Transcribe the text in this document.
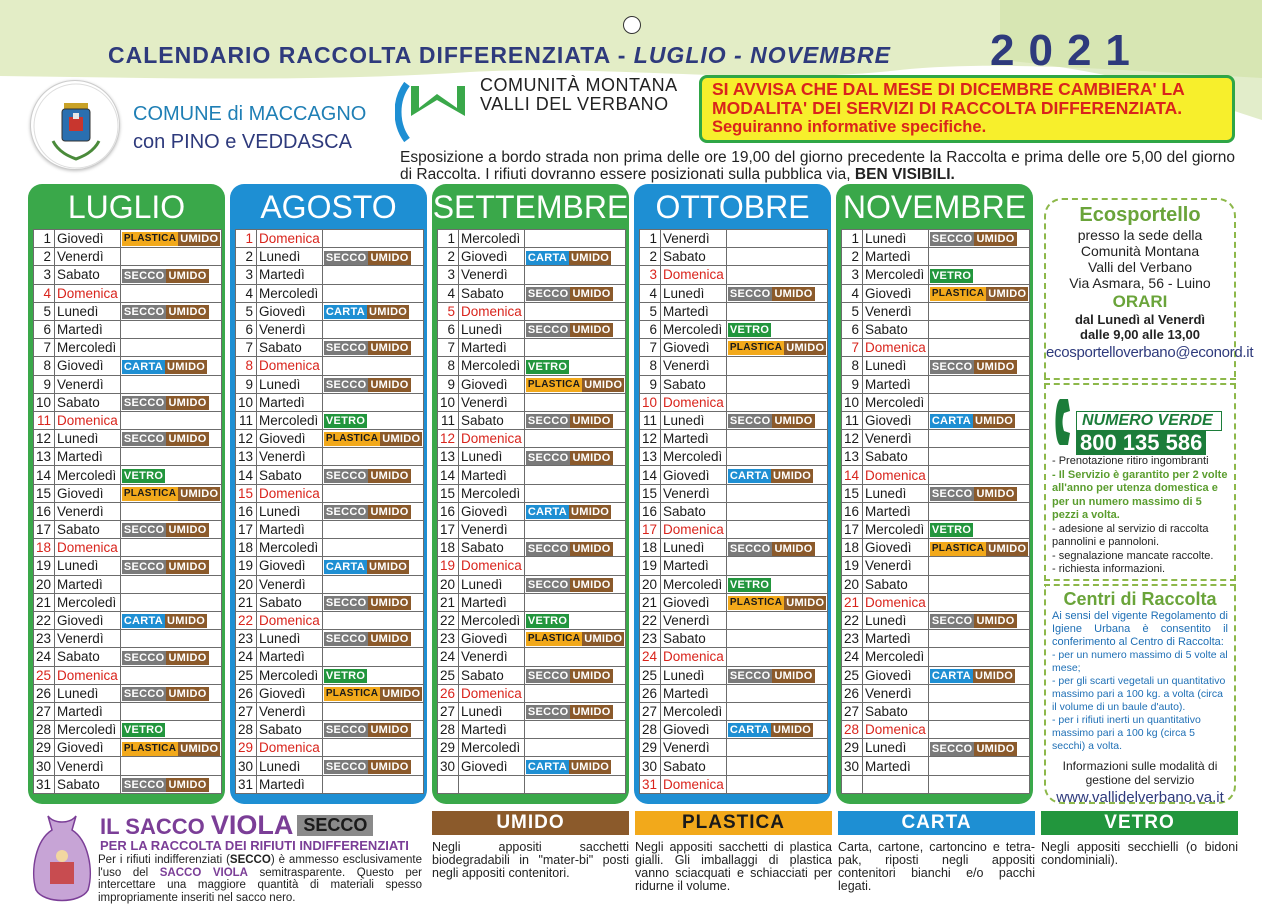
CALENDARIO RACCOLTA DIFFERENZIATA - LUGLIO - NOVEMBRE 2021
COMUNE di MACCAGNO
con PINO e VEDDASCA
COMUNITÀ MONTANA
VALLI DEL VERBANO
SI AVVISA CHE DAL MESE DI DICEMBRE CAMBIERA' LA
MODALITA' DEI SERVIZI DI RACCOLTA DIFFERENZIATA.
Seguiranno informative specifiche.
Esposizione a bordo strada non prima delle ore 19,00 del giorno precedente la Raccolta e prima delle ore 5,00 del giorno di Raccolta. I rifiuti dovranno essere posizionati sulla pubblica via, BEN VISIBILI.
LUGLIO
1	Giovedì	PLASTICA UMIDO
2	Venerdì	
3	Sabato	SECCO UMIDO
4	Domenica	
5	Lunedì	SECCO UMIDO
6	Martedì	
7	Mercoledì	
8	Giovedì	CARTA UMIDO
9	Venerdì	
10	Sabato	SECCO UMIDO
11	Domenica	
12	Lunedì	SECCO UMIDO
13	Martedì	
14	Mercoledì	VETRO
15	Giovedì	PLASTICA UMIDO
16	Venerdì	
17	Sabato	SECCO UMIDO
18	Domenica	
19	Lunedì	SECCO UMIDO
20	Martedì	
21	Mercoledì	
22	Giovedì	CARTA UMIDO
23	Venerdì	
24	Sabato	SECCO UMIDO
25	Domenica	
26	Lunedì	SECCO UMIDO
27	Martedì	
28	Mercoledì	VETRO
29	Giovedì	PLASTICA UMIDO
30	Venerdì	
31	Sabato	SECCO UMIDO
AGOSTO
1	Domenica	
2	Lunedì	SECCO UMIDO
3	Martedì	
4	Mercoledì	
5	Giovedì	CARTA UMIDO
6	Venerdì	
7	Sabato	SECCO UMIDO
8	Domenica	
9	Lunedì	SECCO UMIDO
10	Martedì	
11	Mercoledì	VETRO
12	Giovedì	PLASTICA UMIDO
13	Venerdì	
14	Sabato	SECCO UMIDO
15	Domenica	
16	Lunedì	SECCO UMIDO
17	Martedì	
18	Mercoledì	
19	Giovedì	CARTA UMIDO
20	Venerdì	
21	Sabato	SECCO UMIDO
22	Domenica	
23	Lunedì	SECCO UMIDO
24	Martedì	
25	Mercoledì	VETRO
26	Giovedì	PLASTICA UMIDO
27	Venerdì	
28	Sabato	SECCO UMIDO
29	Domenica	
30	Lunedì	SECCO UMIDO
31	Martedì	
SETTEMBRE
1	Mercoledì	
2	Giovedì	CARTA UMIDO
3	Venerdì	
4	Sabato	SECCO UMIDO
5	Domenica	
6	Lunedì	SECCO UMIDO
7	Martedì	
8	Mercoledì	VETRO
9	Giovedì	PLASTICA UMIDO
10	Venerdì	
11	Sabato	SECCO UMIDO
12	Domenica	
13	Lunedì	SECCO UMIDO
14	Martedì	
15	Mercoledì	
16	Giovedì	CARTA UMIDO
17	Venerdì	
18	Sabato	SECCO UMIDO
19	Domenica	
20	Lunedì	SECCO UMIDO
21	Martedì	
22	Mercoledì	VETRO
23	Giovedì	PLASTICA UMIDO
24	Venerdì	
25	Sabato	SECCO UMIDO
26	Domenica	
27	Lunedì	SECCO UMIDO
28	Martedì	
29	Mercoledì	
30	Giovedì	CARTA UMIDO

OTTOBRE
1	Venerdì	
2	Sabato	
3	Domenica	
4	Lunedì	SECCO UMIDO
5	Martedì	
6	Mercoledì	VETRO
7	Giovedì	PLASTICA UMIDO
8	Venerdì	
9	Sabato	
10	Domenica	
11	Lunedì	SECCO UMIDO
12	Martedì	
13	Mercoledì	
14	Giovedì	CARTA UMIDO
15	Venerdì	
16	Sabato	
17	Domenica	
18	Lunedì	SECCO UMIDO
19	Martedì	
20	Mercoledì	VETRO
21	Giovedì	PLASTICA UMIDO
22	Venerdì	
23	Sabato	
24	Domenica	
25	Lunedì	SECCO UMIDO
26	Martedì	
27	Mercoledì	
28	Giovedì	CARTA UMIDO
29	Venerdì	
30	Sabato	
31	Domenica	
NOVEMBRE
1	Lunedì	SECCO UMIDO
2	Martedì	
3	Mercoledì	VETRO
4	Giovedì	PLASTICA UMIDO
5	Venerdì	
6	Sabato	
7	Domenica	
8	Lunedì	SECCO UMIDO
9	Martedì	
10	Mercoledì	
11	Giovedì	CARTA UMIDO
12	Venerdì	
13	Sabato	
14	Domenica	
15	Lunedì	SECCO UMIDO
16	Martedì	
17	Mercoledì	VETRO
18	Giovedì	PLASTICA UMIDO
19	Venerdì	
20	Sabato	
21	Domenica	
22	Lunedì	SECCO UMIDO
23	Martedì	
24	Mercoledì	
25	Giovedì	CARTA UMIDO
26	Venerdì	
27	Sabato	
28	Domenica	
29	Lunedì	SECCO UMIDO
30	Martedì	

Ecosportello
presso la sede della
Comunità Montana
Valli del Verbano
Via Asmara, 56 - Luino
ORARI
dal Lunedì al Venerdì
dalle 9,00 alle 13,00
ecosportelloverbano@econord.it
NUMERO VERDE
800 135 586
- Prenotazione ritiro ingombranti
- Il Servizio è garantito per 2 volte all'anno per utenza domestica e per un numero massimo di 5 pezzi a volta.
- adesione al servizio di raccolta pannolini e pannoloni.
- segnalazione mancate raccolte.
- richiesta informazioni.
Centri di Raccolta
Ai sensi del vigente Regolamento di Igiene Urbana è consentito il conferimento al Centro di Raccolta:
- per un numero massimo di 5 volte al mese;
- per gli scarti vegetali un quantitativo massimo pari a 100 kg. a volta (circa il volume di un baule d'auto).
- per i rifiuti inerti un quantitativo massimo pari a 100 kg (circa 5 secchi) a volta.
Informazioni sulle modalità di gestione del servizio
www.vallidelverbano.va.it
IL SACCO VIOLA SECCO
PER LA RACCOLTA DEI RIFIUTI INDIFFERENZIATI
Per i rifiuti indifferenziati (SECCO) è ammesso esclusivamente l'uso del SACCO VIOLA semitrasparente. Questo per intercettare una maggiore quantità di materiali spesso impropriamente inseriti nel sacco nero.
UMIDO
Negli appositi sacchetti biodegradabili in "mater-bi" posti negli appositi contenitori.
PLASTICA
Negli appositi sacchetti di plastica gialli. Gli imballaggi di plastica vanno sciacquati e schiacciati per ridurne il volume.
CARTA
Carta, cartone, cartoncino e tetra-pak, riposti negli appositi contenitori bianchi e/o pacchi legati.
VETRO
Negli appositi secchielli (o bidoni condominiali).
